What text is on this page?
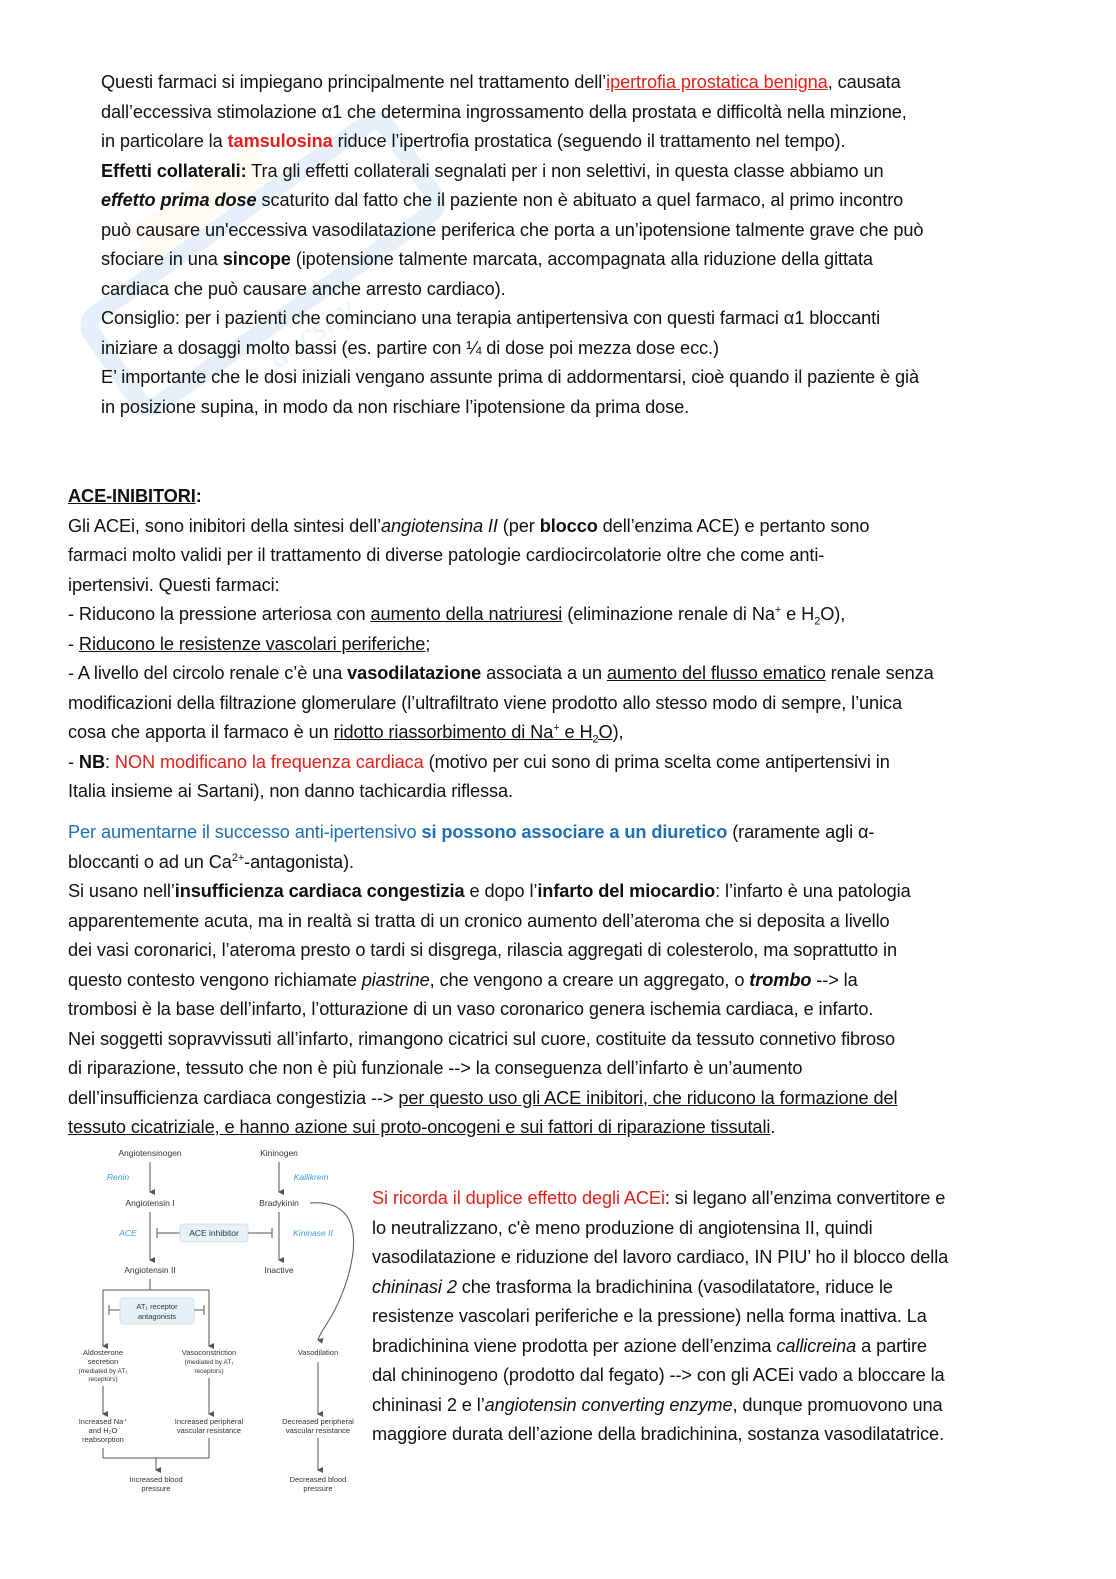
docsity
Questi farmaci si impiegano principalmente nel trattamento dell’ipertrofia prostatica benigna, causata
dall’eccessiva stimolazione α1 che determina ingrossamento della prostata e difficoltà nella minzione,
in particolare la tamsulosina riduce l’ipertrofia prostatica (seguendo il trattamento nel tempo).
Effetti collaterali: Tra gli effetti collaterali segnalati per i non selettivi, in questa classe abbiamo un
effetto prima dose scaturito dal fatto che il paziente non è abituato a quel farmaco, al primo incontro
può causare un'eccessiva vasodilatazione periferica che porta a un’ipotensione talmente grave che può
sfociare in una sincope (ipotensione talmente marcata, accompagnata alla riduzione della gittata
cardiaca che può causare anche arresto cardiaco).
Consiglio: per i pazienti che cominciano una terapia antipertensiva con questi farmaci α1 bloccanti
iniziare a dosaggi molto bassi (es. partire con ¼ di dose poi mezza dose ecc.)
E’ importante che le dosi iniziali vengano assunte prima di addormentarsi, cioè quando il paziente è già
in posizione supina, in modo da non rischiare l’ipotensione da prima dose.
ACE-INIBITORI:
Gli ACEi, sono inibitori della sintesi dell’angiotensina II (per blocco dell’enzima ACE) e pertanto sono
farmaci molto validi per il trattamento di diverse patologie cardiocircolatorie oltre che come anti-
ipertensivi. Questi farmaci:
- Riducono la pressione arteriosa con aumento della natriuresi (eliminazione renale di Na+ e $H_2O$),
- Riducono le resistenze vascolari periferiche;
- A livello del circolo renale c’è una vasodilatazione associata a un aumento del flusso ematico renale senza
modificazioni della filtrazione glomerulare (l’ultrafiltrato viene prodotto allo stesso modo di sempre, l’unica
cosa che apporta il farmaco è un ridotto riassorbimento di Na+ e $H_2O$),
- NB: NON modificano la frequenza cardiaca (motivo per cui sono di prima scelta come antipertensivi in
Italia insieme ai Sartani), non danno tachicardia riflessa.
Per aumentarne il successo anti-ipertensivo si possono associare a un diuretico (raramente agli α-
bloccanti o ad un $Ca^{2+}-antagonista$).
Si usano nell’insufficienza cardiaca congestizia e dopo l’infarto del miocardio: l’infarto è una patologia
apparentemente acuta, ma in realtà si tratta di un cronico aumento dell’ateroma che si deposita a livello
dei vasi coronarici, l’ateroma presto o tardi si disgrega, rilascia aggregati di colesterolo, ma soprattutto in
questo contesto vengono richiamate piastrine, che vengono a creare un aggregato, o trombo --> la
trombosi è la base dell’infarto, l’otturazione di un vaso coronarico genera ischemia cardiaca, e infarto.
Nei soggetti sopravvissuti all’infarto, rimangono cicatrici sul cuore, costituite da tessuto connetivo fibroso
di riparazione, tessuto che non è più funzionale --> la conseguenza dell’infarto è un’aumento
dell’insufficienza cardiaca congestizia --> per questo uso gli ACE inibitori, che riducono la formazione del
tessuto cicatriziale, e hanno azione sui proto-oncogeni e sui fattori di riparazione tissutali.
Angiotensinogen
Renin
Angiotensin I
ACE
Angiotensin II
ACE inhibitor
Kininogen
Kallikrein
Bradykinin
Kininase II
Inactive
AT₁ receptor
antagonists
Aldosterone
secretion
(mediated by AT₁
receptors)
Vasoconstriction
(mediated by AT₁
receptors)
Vasodilation
Increased Na⁺
and H₂O
reabsorption
Increased peripheral
vascular resistance
Decreased peripheral
vascular resistance
Increased blood
pressure
Decreased blood
pressure
Si ricorda il duplice effetto degli ACEi: si legano all’enzima convertitore e
lo neutralizzano, c'è meno produzione di angiotensina II, quindi
vasodilatazione e riduzione del lavoro cardiaco, IN PIU’ ho il blocco della
chininasi 2 che trasforma la bradichinina (vasodilatatore, riduce le
resistenze vascolari periferiche e la pressione) nella forma inattiva. La
bradichinina viene prodotta per azione dell’enzima callicreina a partire
dal chininogeno (prodotto dal fegato) --> con gli ACEi vado a bloccare la
chininasi 2 e l’angiotensin converting enzyme, dunque promuovono una
maggiore durata dell’azione della bradichinina, sostanza vasodilatatrice.
